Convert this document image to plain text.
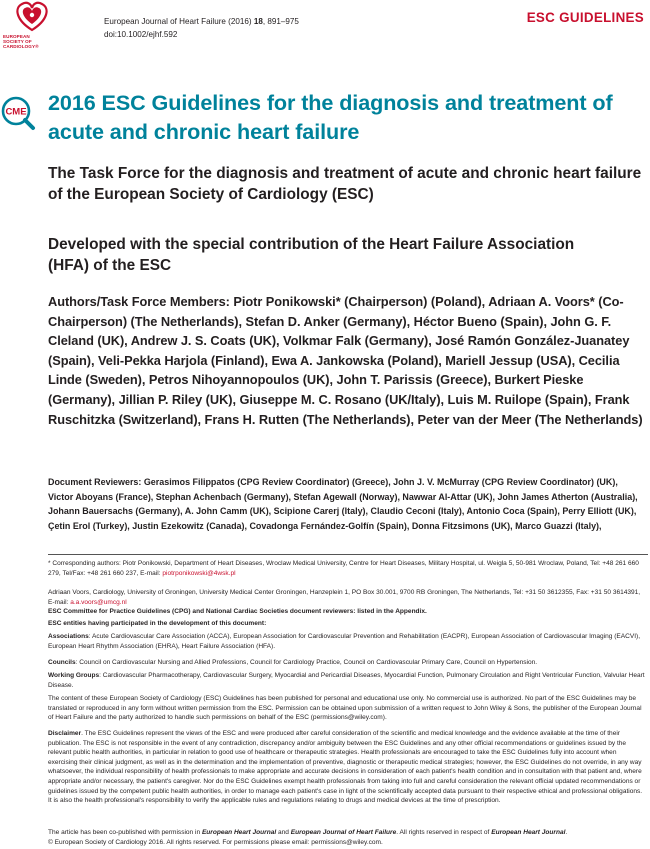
EUROPEAN
SOCIETY OF
CARDIOLOGY®
European Journal of Heart Failure (2016) 18, 891–975
doi:10.1002/ejhf.592
ESC GUIDELINES
CME 2016 ESC Guidelines for the diagnosis and treatment of acute and chronic heart failure
The Task Force for the diagnosis and treatment of acute and chronic heart failure of the European Society of Cardiology (ESC)
Developed with the special contribution of the Heart Failure Association (HFA) of the ESC
Authors/Task Force Members: Piotr Ponikowski* (Chairperson) (Poland), Adriaan A. Voors* (Co-Chairperson) (The Netherlands), Stefan D. Anker (Germany), Héctor Bueno (Spain), John G. F. Cleland (UK), Andrew J. S. Coats (UK), Volkmar Falk (Germany), José Ramón González-Juanatey (Spain), Veli-Pekka Harjola (Finland), Ewa A. Jankowska (Poland), Mariell Jessup (USA), Cecilia Linde (Sweden), Petros Nihoyannopoulos (UK), John T. Parissis (Greece), Burkert Pieske (Germany), Jillian P. Riley (UK), Giuseppe M. C. Rosano (UK/Italy), Luis M. Ruilope (Spain), Frank Ruschitzka (Switzerland), Frans H. Rutten (The Netherlands), Peter van der Meer (The Netherlands)
Document Reviewers: Gerasimos Filippatos (CPG Review Coordinator) (Greece), John J. V. McMurray (CPG Review Coordinator) (UK), Victor Aboyans (France), Stephan Achenbach (Germany), Stefan Agewall (Norway), Nawwar Al-Attar (UK), John James Atherton (Australia), Johann Bauersachs (Germany), A. John Camm (UK), Scipione Carerj (Italy), Claudio Ceconi (Italy), Antonio Coca (Spain), Perry Elliott (UK), Çetin Erol (Turkey), Justin Ezekowitz (Canada), Covadonga Fernández-Golfín (Spain), Donna Fitzsimons (UK), Marco Guazzi (Italy),
* Corresponding authors: Piotr Ponikowski, Department of Heart Diseases, Wroclaw Medical University, Centre for Heart Diseases, Military Hospital, ul. Weigla 5, 50-981 Wroclaw, Poland, Tel: +48 261 660 279, Tel/Fax: +48 261 660 237, E-mail: piotrponikowski@4wsk.pl
Adriaan Voors, Cardiology, University of Groningen, University Medical Center Groningen, Hanzeplein 1, PO Box 30.001, 9700 RB Groningen, The Netherlands, Tel: +31 50 3612355, Fax: +31 50 3614391, E-mail: a.a.voors@umcg.nl
ESC Committee for Practice Guidelines (CPG) and National Cardiac Societies document reviewers: listed in the Appendix.
ESC entities having participated in the development of this document:
Associations: Acute Cardiovascular Care Association (ACCA), European Association for Cardiovascular Prevention and Rehabilitation (EACPR), European Association of Cardiovascular Imaging (EACVI), European Heart Rhythm Association (EHRA), Heart Failure Association (HFA).
Councils: Council on Cardiovascular Nursing and Allied Professions, Council for Cardiology Practice, Council on Cardiovascular Primary Care, Council on Hypertension.
Working Groups: Cardiovascular Pharmacotherapy, Cardiovascular Surgery, Myocardial and Pericardial Diseases, Myocardial Function, Pulmonary Circulation and Right Ventricular Function, Valvular Heart Disease.
The content of these European Society of Cardiology (ESC) Guidelines has been published for personal and educational use only. No commercial use is authorized. No part of the ESC Guidelines may be translated or reproduced in any form without written permission from the ESC. Permission can be obtained upon submission of a written request to John Wiley & Sons, the publisher of the European Journal of Heart Failure and the party authorized to handle such permissions on behalf of the ESC (permissions@wiley.com).
Disclaimer. The ESC Guidelines represent the views of the ESC and were produced after careful consideration of the scientific and medical knowledge and the evidence available at the time of their publication. The ESC is not responsible in the event of any contradiction, discrepancy and/or ambiguity between the ESC Guidelines and any other official recommendations or guidelines issued by the relevant public health authorities, in particular in relation to good use of healthcare or therapeutic strategies. Health professionals are encouraged to take the ESC Guidelines fully into account when exercising their clinical judgment, as well as in the determination and the implementation of preventive, diagnostic or therapeutic medical strategies; however, the ESC Guidelines do not override, in any way whatsoever, the individual responsibility of health professionals to make appropriate and accurate decisions in consideration of each patient's health condition and in consultation with that patient and, where appropriate and/or necessary, the patient's caregiver. Nor do the ESC Guidelines exempt health professionals from taking into full and careful consideration the relevant official updated recommendations or guidelines issued by the competent public health authorities, in order to manage each patient's case in light of the scientifically accepted data pursuant to their respective ethical and professional obligations. It is also the health professional's responsibility to verify the applicable rules and regulations relating to drugs and medical devices at the time of prescription.
The article has been co-published with permission in European Heart Journal and European Journal of Heart Failure. All rights reserved in respect of European Heart Journal.
© European Society of Cardiology 2016. All rights reserved. For permissions please email: permissions@wiley.com.
